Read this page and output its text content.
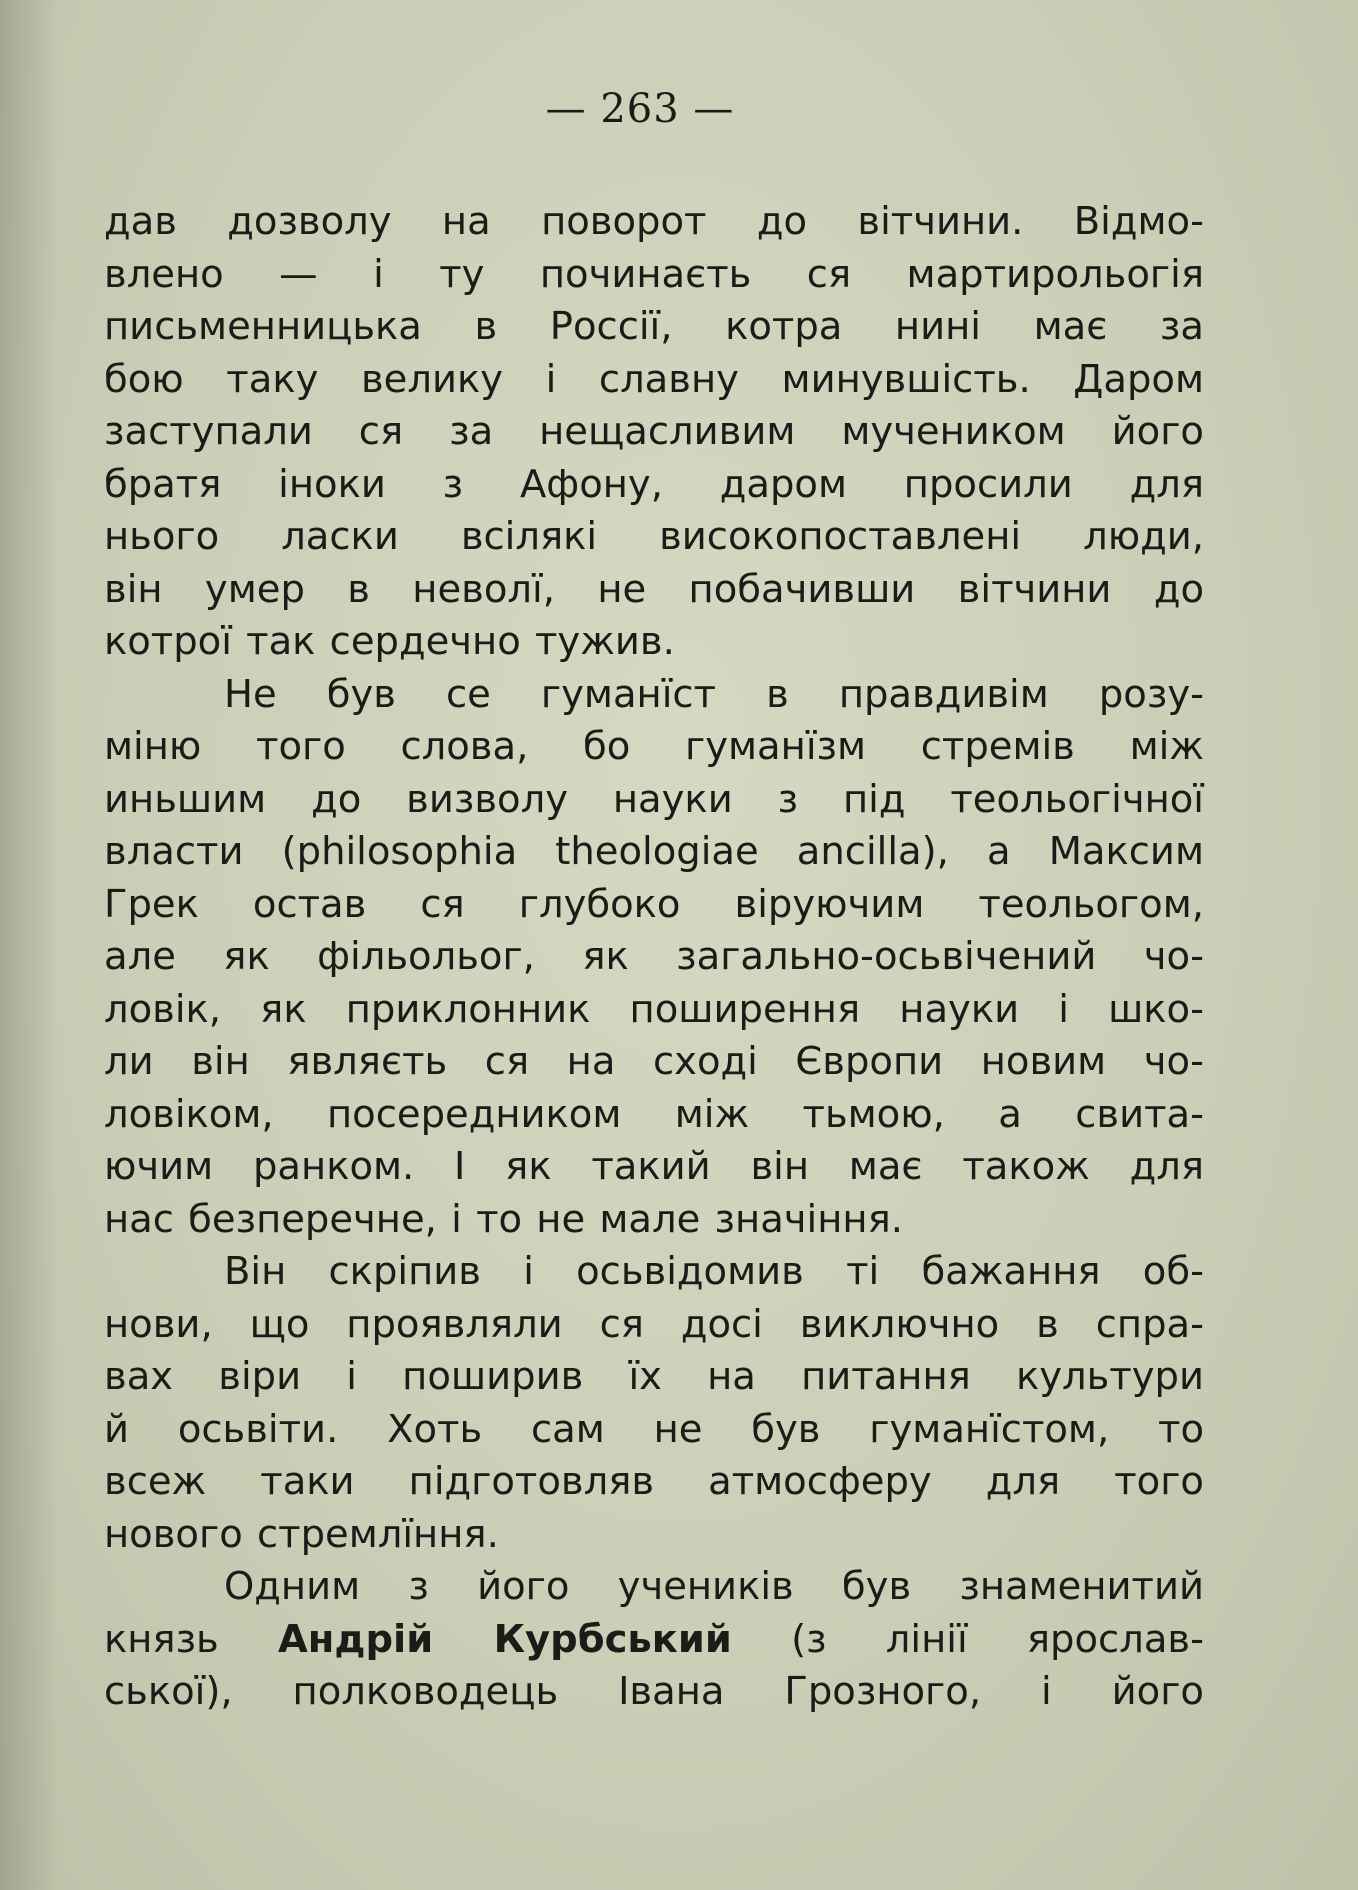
— 263 —
дав дозволу на поворот до вітчини. Відмо-
влено — і ту починаєть ся мартирольогія
письменницька в Россії, котра нині має за
бою таку велику і славну минувшість. Даром
заступали ся за нещасливим мучеником його
братя іноки з Афону, даром просили для
нього ласки всілякі високопоставлені люди,
він умер в неволї, не побачивши вітчини до
котрої так сердечно тужив.
Не був се гуманїст в правдивім розу-
міню того слова, бо гуманїзм стремів між
иньшим до визволу науки з під теольогічної
власти (philosophia theologiae ancilla), а Максим
Грек остав ся глубоко віруючим теольогом,
але як фільольог, як загально-осьвічений чо-
ловік, як приклонник поширення науки і шко-
ли він являєть ся на сході Європи новим чо-
ловіком, посередником між тьмою, а свита-
ючим ранком. І як такий він має також для
нас безперечне, і то не мале значіння.
Він скріпив і осьвідомив ті бажання об-
нови, що проявляли ся досі виключно в спра-
вах віри і поширив їх на питання культури
й осьвіти. Хоть сам не був гуманїстом, то
всеж таки підготовляв атмосферу для того
нового стремлїння.
Одним з його учеників був знаменитий
князь Андрій Курбський (з лінії ярослав-
ської), полководець Івана Грозного, і його
